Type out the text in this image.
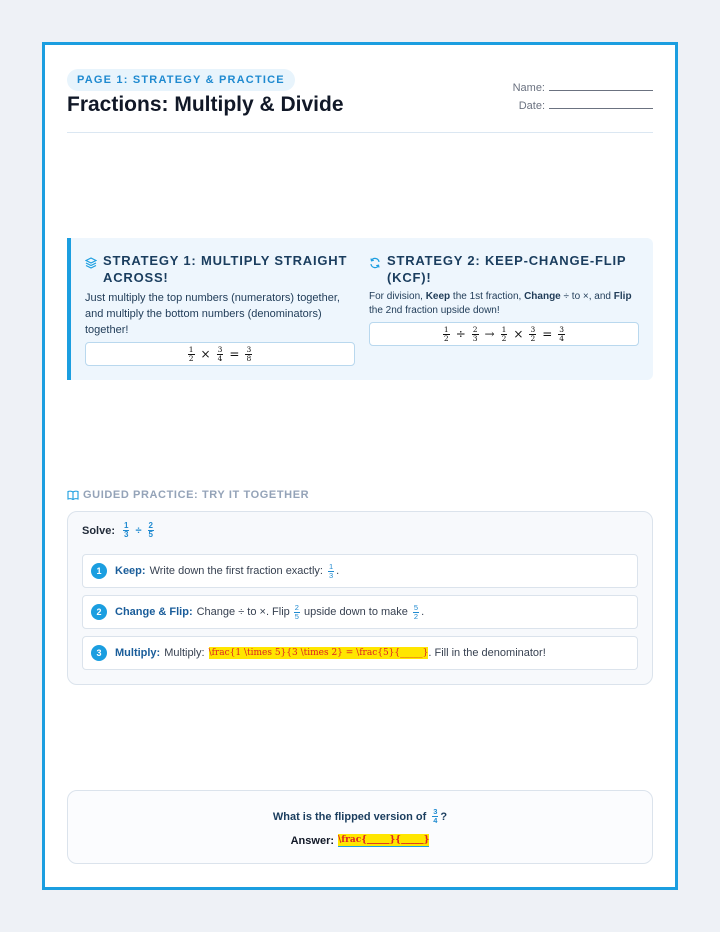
PAGE 1: STRATEGY & PRACTICE
Fractions: Multiply & Divide
Name:
Date:
STRATEGY 1: MULTIPLY STRAIGHT
ACROSS!
Just multiply the top numbers (numerators) together, and multiply the bottom numbers (denominators) together!
$\frac{1}{2} \times \frac{3}{4} = \frac{3}{8}$
STRATEGY 2: KEEP-CHANGE-FLIP
(KCF)!
For division, Keep the 1st fraction, Change ÷ to ×, and Flip the 2nd fraction upside down!
$\frac{1}{2} \div \frac{2}{3} \to \frac{1}{2} \times \frac{3}{2} = \frac{3}{4}$
GUIDED PRACTICE: TRY IT TOGETHER
Solve: $\frac{1}{3} \div \frac{2}{5}$
1	Keep: Write down the first fraction exactly: 1
3 .
2	Change & Flip: Change ÷ to ×. Flip 2
5 upside down to make 5
2 .
3	Multiply: Multiply: \frac{1 \times 5}{3 \times 2} = \frac{5}{_____} . Fill in the denominator!
What is the flipped version of 3
4 ?
Answer: \frac{_____}{_____}
